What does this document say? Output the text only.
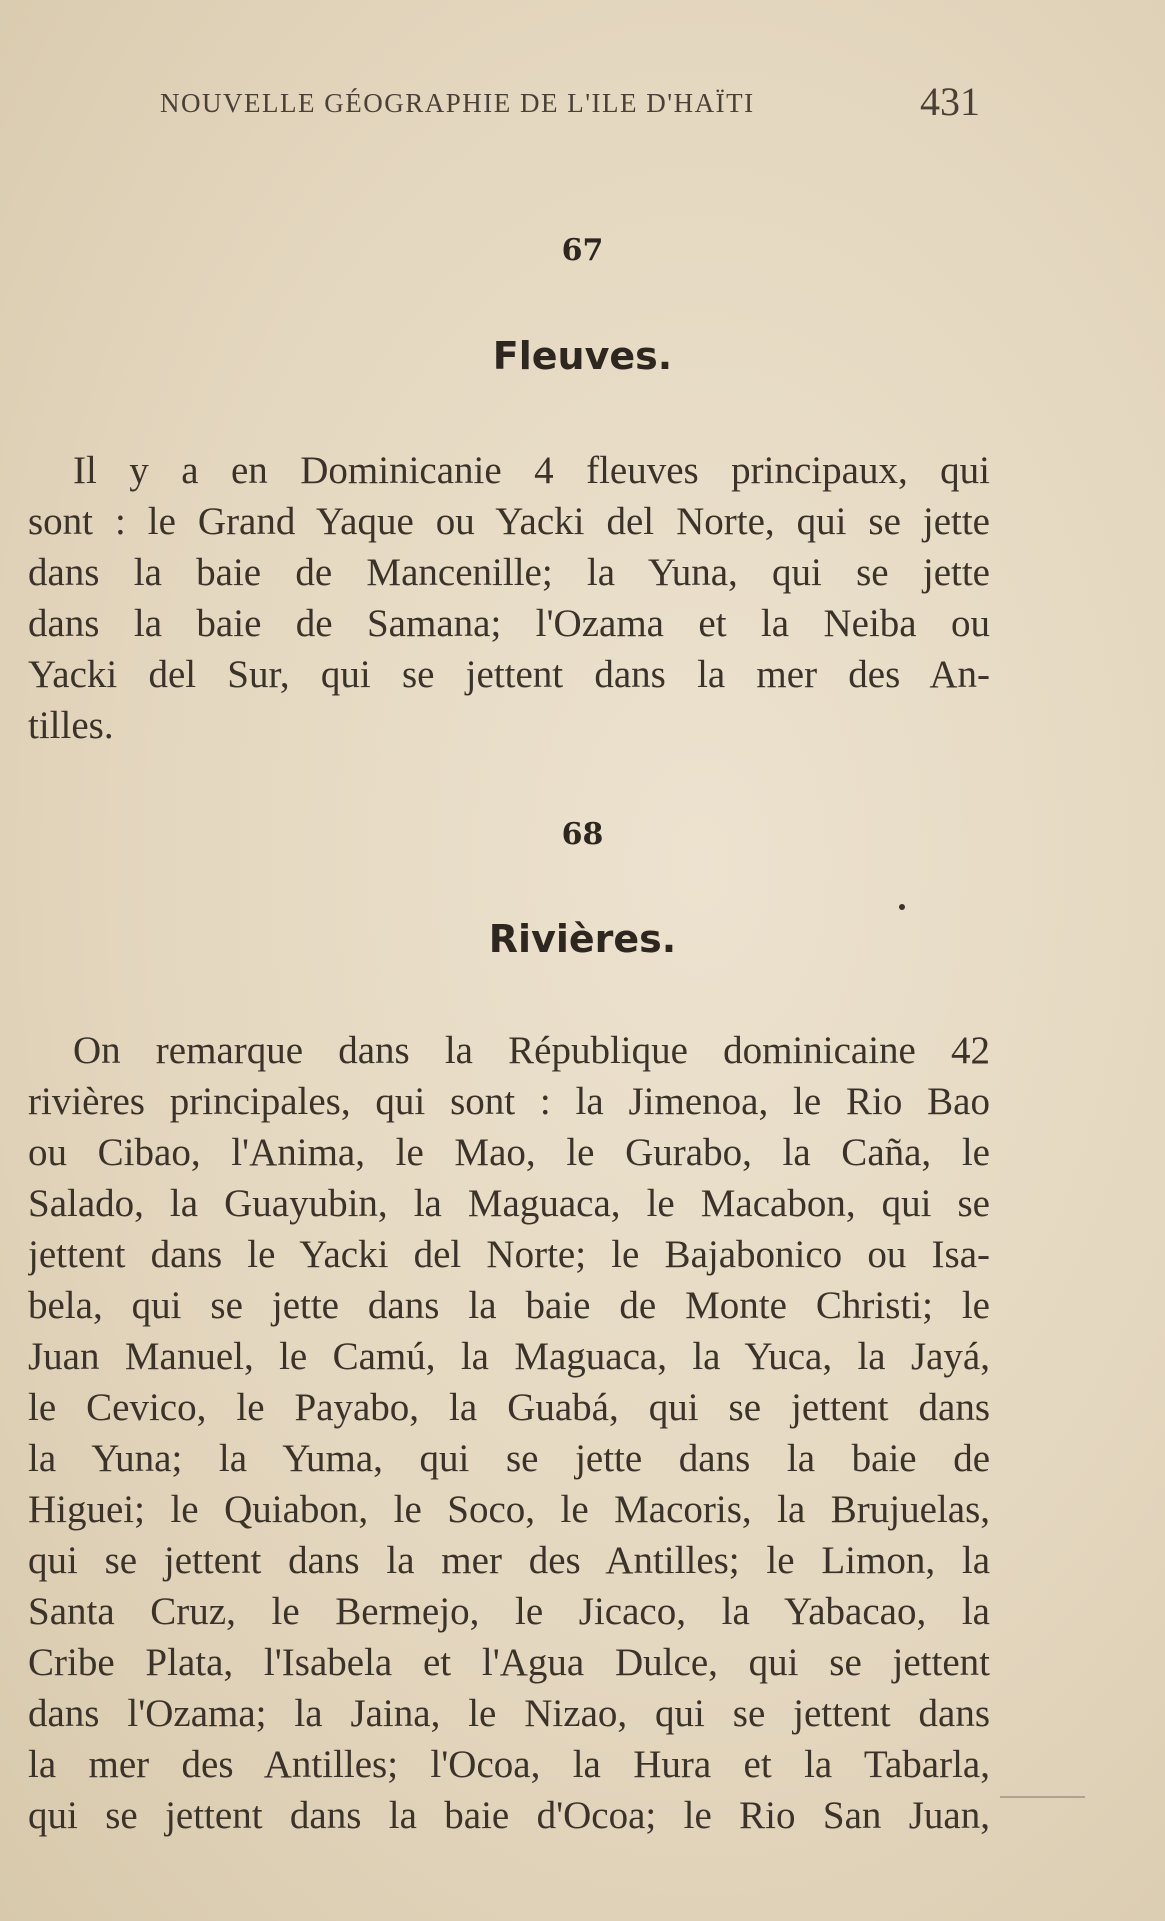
NOUVELLE GÉOGRAPHIE DE L'ILE D'HAÏTI	431
67
Fleuves.
Il y a en Dominicanie 4 fleuves principaux, qui
sont : le Grand Yaque ou Yacki del Norte, qui se jette
dans la baie de Mancenille; la Yuna, qui se jette
dans la baie de Samana; l'Ozama et la Neiba ou
Yacki del Sur, qui se jettent dans la mer des An-
tilles.
68
Rivières.
On remarque dans la République dominicaine 42
rivières principales, qui sont : la Jimenoa, le Rio Bao
ou Cibao, l'Anima, le Mao, le Gurabo, la Caña, le
Salado, la Guayubin, la Maguaca, le Macabon, qui se
jettent dans le Yacki del Norte; le Bajabonico ou Isa-
bela, qui se jette dans la baie de Monte Christi; le
Juan Manuel, le Camú, la Maguaca, la Yuca, la Jayá,
le Cevico, le Payabo, la Guabá, qui se jettent dans
la Yuna; la Yuma, qui se jette dans la baie de
Higuei; le Quiabon, le Soco, le Macoris, la Brujuelas,
qui se jettent dans la mer des Antilles; le Limon, la
Santa Cruz, le Bermejo, le Jicaco, la Yabacao, la
Cribe Plata, l'Isabela et l'Agua Dulce, qui se jettent
dans l'Ozama; la Jaina, le Nizao, qui se jettent dans
la mer des Antilles; l'Ocoa, la Hura et la Tabarla,
qui se jettent dans la baie d'Ocoa; le Rio San Juan,
